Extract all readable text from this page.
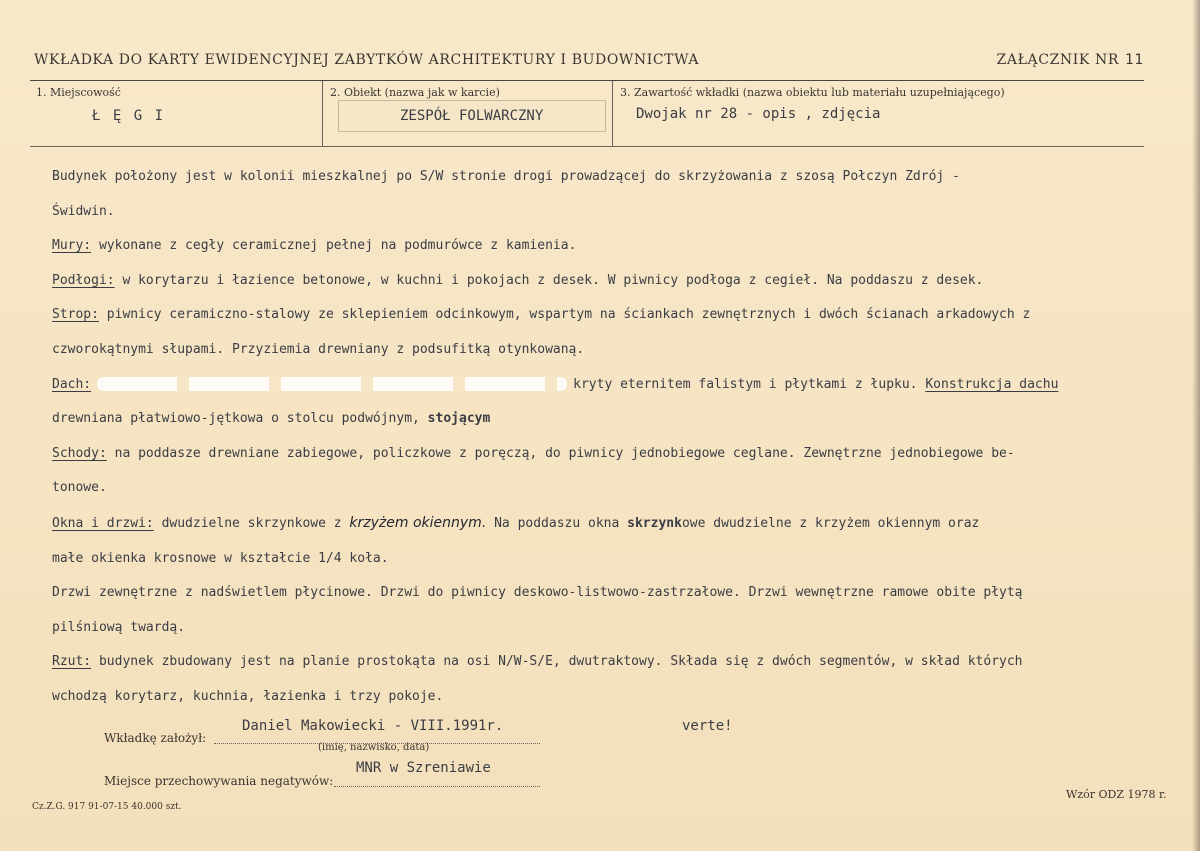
WKŁADKA DO KARTY EWIDENCYJNEJ ZABYTKÓW ARCHITEKTURY I BUDOWNICTWA	ZAŁĄCZNIK NR 11
1. Miejscowość
Ł Ę G I
2. Obiekt (nazwa jak w karcie)
ZESPÓŁ FOLWARCZNY
3. Zawartość wkładki (nazwa obiektu lub materiału uzupełniającego)
Dwojak nr 28 - opis , zdjęcia

Budynek położony jest w kolonii mieszkalnej po S/W stronie drogi prowadzącej do skrzyżowania z szosą Połczyn Zdrój -

Świdwin.

Mury: wykonane z cegły ceramicznej pełnej na podmurówce z kamienia.

Podłogi: w korytarzu i łazience betonowe, w kuchni i pokojach z desek. W piwnicy podłoga z cegieł. Na poddaszu z desek.

Strop: piwnicy ceramiczno-stalowy ze sklepieniem odcinkowym, wspartym na ściankach zewnętrznych i dwóch ścianach arkadowych z

czworokątnymi słupami. Przyziemia drewniany z podsufitką otynkowaną.

Dach:	kryty eternitem falistym i płytkami z łupku. Konstrukcja dachu

drewniana płatwiowo-jętkowa o stolcu podwójnym, stojącym

Schody: na poddasze drewniane zabiegowe, policzkowe z poręczą, do piwnicy jednobiegowe ceglane. Zewnętrzne jednobiegowe be-

tonowe.

Okna i drzwi: dwudzielne skrzynkowe z krzyżem okiennym. Na poddaszu okna skrzynkowe dwudzielne z krzyżem okiennym oraz

małe okienka krosnowe w kształcie 1/4 koła.

Drzwi zewnętrzne z nadświetlem płycinowe. Drzwi do piwnicy deskowo-listwowo-zastrzałowe. Drzwi wewnętrzne ramowe obite płytą

pilśniową twardą.

Rzut: budynek zbudowany jest na planie prostokąta na osi N/W-S/E, dwutraktowy. Składa się z dwóch segmentów, w skład których

wchodzą korytarz, kuchnia, łazienka i trzy pokoje.

Wkładkę założył:
Daniel Makowiecki - VIII.1991r.
(imię, nazwisko, data)
verte!
Miejsce przechowywania negatywów:
MNR w Szreniawie
Cz.Z.G. 917 91-07-15 40.000 szt.
Wzór ODZ 1978 r.
